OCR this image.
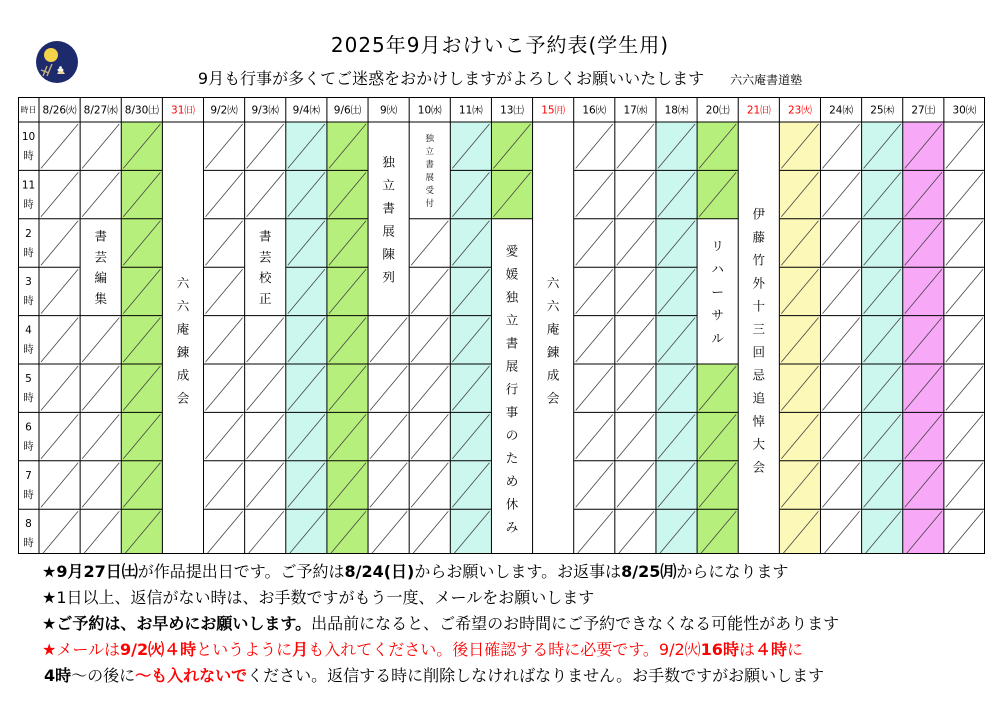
2025年9月おけいこ予約表(学生用)
9月も行事が多くてご迷惑をおかけしますがよろしくお願いいたします 六六庵書道塾
時日 8/26㈫ 8/27㈬ 8/30㈯ 31㈰ 9/2㈫ 9/3㈬ 9/4㈭ 9/6㈯ 9㈫ 10㈬ 11㈭ 13㈯ 15㈪ 16㈫ 17㈬ 18㈭ 20㈯ 21㈰ 23㈫ 24㈬ 25㈭ 27㈯ 30㈫
10
時
11
時
2
時
3
時
4
時
5
時
6
時
7
時
8
時
書
芸
編
集
六
六
庵
錬
成
会
書
芸
校
正
独
立
書
展
陳
列
独
立
書
展
受
付
愛
媛
独
立
書
展
行
事
の
た
め
休
み
六
六
庵
錬
成
会
リ
ハ
ー
サ
ル
伊
藤
竹
外
十
三
回
忌
追
悼
大
会

★9月27日㈯が作品提出日です。ご予約は8/24(日)からお願いします。お返事は8/25㈪からになります

★1日以上、返信がない時は、お手数ですがもう一度、メールをお願いします

★ご予約は、お早めにお願いします。出品前になると、ご希望のお時間にご予約できなくなる可能性があります

★メールは9/2㈫４時というように月も入れてください。後日確認する時に必要です。9/2㈫16時は４時に

4時〜の後に〜も入れないでください。返信する時に削除しなければなりません。お手数ですがお願いします
